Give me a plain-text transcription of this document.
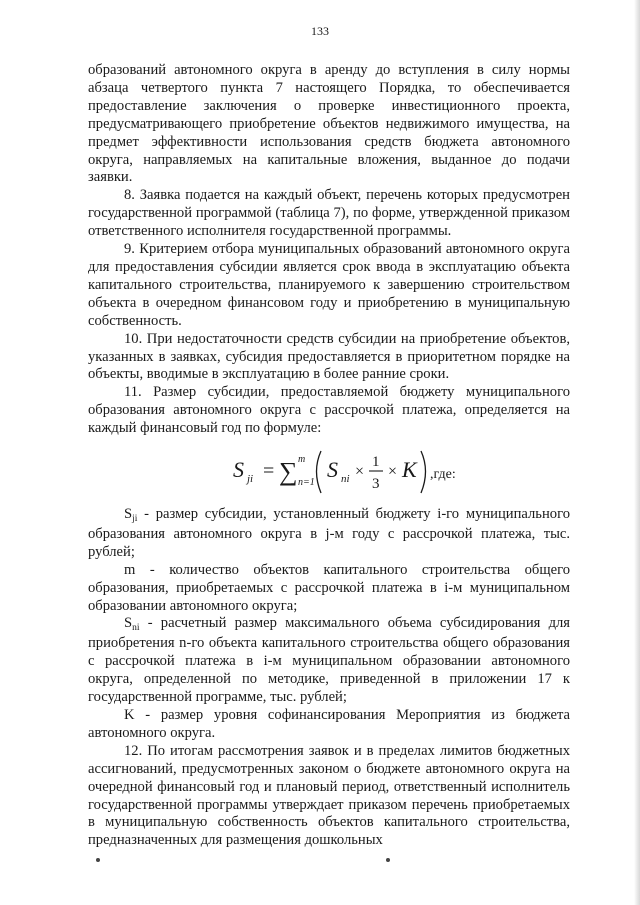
133

образований автономного округа в аренду до вступления в силу нормы абзаца четвертого пункта 7 настоящего Порядка, то обеспечивается предоставление заключения о проверке инвестиционного проекта, предусматривающего приобретение объектов недвижимого имущества, на предмет эффективности использования средств бюджета автономного округа, направляемых на капитальные вложения, выданное до подачи заявки.

8. Заявка подается на каждый объект, перечень которых предусмотрен государственной программой (таблица 7), по форме, утвержденной приказом ответственного исполнителя государственной программы.

9. Критерием отбора муниципальных образований автономного округа для предоставления субсидии является срок ввода в эксплуатацию объекта капитального строительства, планируемого к завершению строительством объекта в очередном финансовом году и приобретению в муниципальную собственность.

10. При недостаточности средств субсидии на приобретение объектов, указанных в заявках, субсидия предоставляется в приоритетном порядке на объекты, вводимые в эксплуатацию в более ранние сроки.

11. Размер субсидии, предоставляемой бюджету муниципального образования автономного округа с рассрочкой платежа, определяется на каждый финансовый год по формуле:

S ji = ∑ m
n=1
S ni ×
1
3
× K ,где:

$S_{ji}$ - размер субсидии, установленный бюджету i-го муниципального образования автономного округа в j-м году с рассрочкой платежа, тыс. рублей;

m - количество объектов капитального строительства общего образования, приобретаемых с рассрочкой платежа в i-м муниципальном образовании автономного округа;

$S_{ni}$ - расчетный размер максимального объема субсидирования для приобретения n-го объекта капитального строительства общего образования с рассрочкой платежа в i-м муниципальном образовании автономного округа, определенной по методике, приведенной в приложении 17 к государственной программе, тыс. рублей;

K - размер уровня софинансирования Мероприятия из бюджета автономного округа.

12. По итогам рассмотрения заявок и в пределах лимитов бюджетных ассигнований, предусмотренных законом о бюджете автономного округа на очередной финансовый год и плановый период, ответственный исполнитель государственной программы утверждает приказом перечень приобретаемых в муниципальную собственность объектов капитального строительства, предназначенных для размещения дошкольных
